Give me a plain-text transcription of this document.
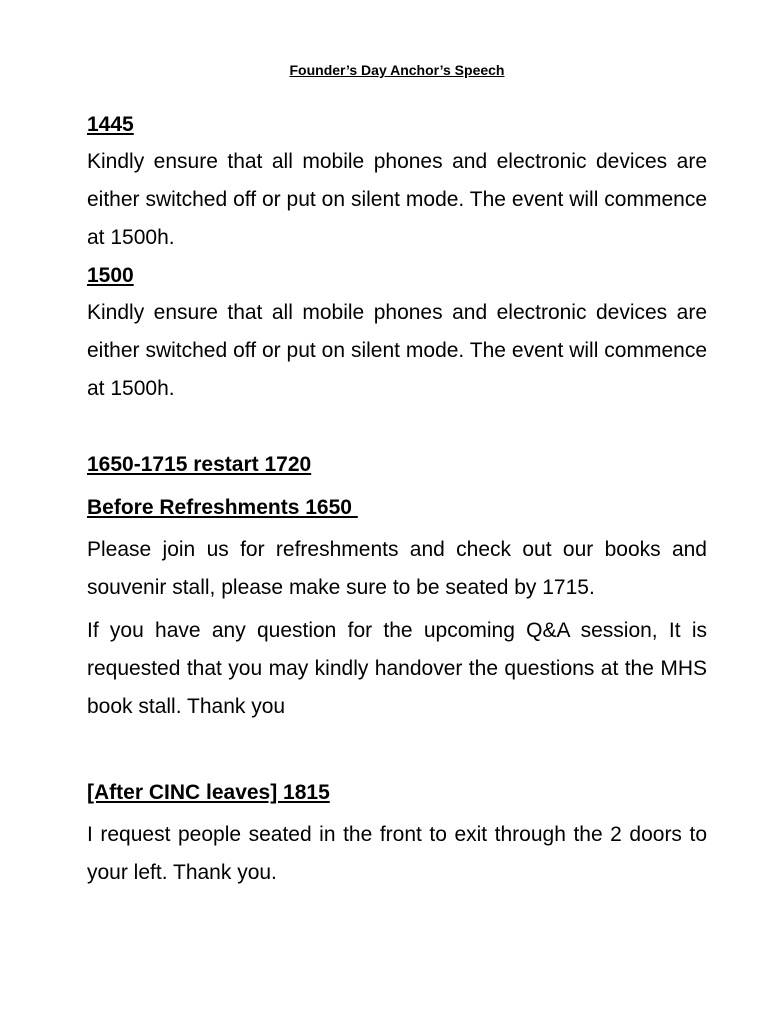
Founder’s Day Anchor’s Speech
1445
Kindly ensure that all mobile phones and electronic devices are either switched off or put on silent mode. The event will commence at 1500h.
1500
Kindly ensure that all mobile phones and electronic devices are either switched off or put on silent mode. The event will commence at 1500h.
1650-1715 restart 1720
Before Refreshments 1650
Please join us for refreshments and check out our books and souvenir stall, please make sure to be seated by 1715.
If you have any question for the upcoming Q&A session, It is requested that you may kindly handover the questions at the MHS book stall. Thank you
[After CINC leaves] 1815
I request people seated in the front to exit through the 2 doors to your left. Thank you.
